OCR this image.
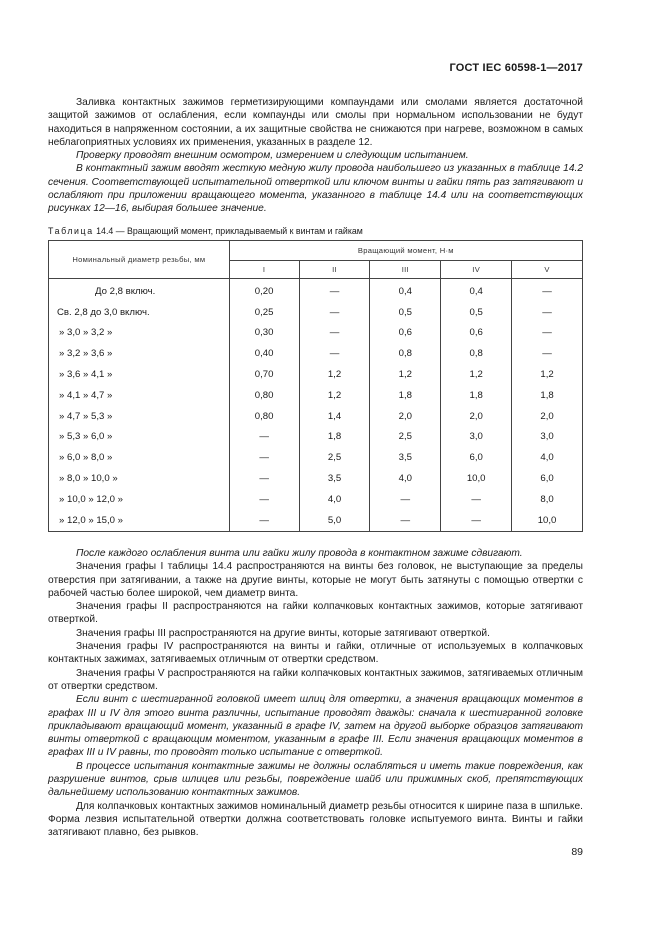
ГОСТ IEC 60598-1—2017

Заливка контактных зажимов герметизирующими компаундами или смолами является достаточной защитой зажимов от ослабления, если компаунды или смолы при нормальном использовании не будут находиться в напряженном состоянии, а их защитные свойства не снижаются при нагреве, возможном в самых неблагоприятных условиях их применения, указанных в разделе 12.

Проверку проводят внешним осмотром, измерением и следующим испытанием.

В контактный зажим вводят жесткую медную жилу провода наибольшего из указанных в таблице 14.2 сечения. Соответствующей испытательной отверткой или ключом винты и гайки пять раз затягивают и ослабляют при приложении вращающего момента, указанного в таблице 14.4 или на соответствующих рисунках 12—16, выбирая большее значение.

Таблица 14.4 — Вращающий момент, прикладываемый к винтам и гайкам
Номинальный диаметр резьбы, мм	Вращающий момент, Н·м				
	I	II	III	IV	V
До 2,8 включ.	0,20	—	0,4	0,4	—
Св. 2,8 до 3,0 включ.	0,25	—	0,5	0,5	—
» 3,0 » 3,2 »	0,30	—	0,6	0,6	—
» 3,2 » 3,6 »	0,40	—	0,8	0,8	—
» 3,6 » 4,1 »	0,70	1,2	1,2	1,2	1,2
» 4,1 » 4,7 »	0,80	1,2	1,8	1,8	1,8
» 4,7 » 5,3 »	0,80	1,4	2,0	2,0	2,0
» 5,3 » 6,0 »	—	1,8	2,5	3,0	3,0
» 6,0 » 8,0 »	—	2,5	3,5	6,0	4,0
» 8,0 » 10,0 »	—	3,5	4,0	10,0	6,0
» 10,0 » 12,0 »	—	4,0	—	—	8,0
» 12,0 » 15,0 »	—	5,0	—	—	10,0

После каждого ослабления винта или гайки жилу провода в контактном зажиме сдвигают.

Значения графы I таблицы 14.4 распространяются на винты без головок, не выступающие за пределы отверстия при затягивании, а также на другие винты, которые не могут быть затянуты с помощью отвертки с рабочей частью более широкой, чем диаметр винта.

Значения графы II распространяются на гайки колпачковых контактных зажимов, которые затягивают отверткой.

Значения графы III распространяются на другие винты, которые затягивают отверткой.

Значения графы IV распространяются на винты и гайки, отличные от используемых в колпачковых контактных зажимах, затягиваемых отличным от отвертки средством.

Значения графы V распространяются на гайки колпачковых контактных зажимов, затягиваемых отличным от отвертки средством.

Если винт с шестигранной головкой имеет шлиц для отвертки, а значения вращающих моментов в графах III и IV для этого винта различны, испытание проводят дважды: сначала к шестигранной головке прикладывают вращающий момент, указанный в графе IV, затем на другой выборке образцов затягивают винты отверткой с вращающим моментом, указанным в графе III. Если значения вращающих моментов в графах III и IV равны, то проводят только испытание с отверткой.

В процессе испытания контактные зажимы не должны ослабляться и иметь такие повреждения, как разрушение винтов, срыв шлицев или резьбы, повреждение шайб или прижимных скоб, препятствующих дальнейшему использованию контактных зажимов.

Для колпачковых контактных зажимов номинальный диаметр резьбы относится к ширине паза в шпильке. Форма лезвия испытательной отвертки должна соответствовать головке испытуемого винта. Винты и гайки затягивают плавно, без рывков.

89
